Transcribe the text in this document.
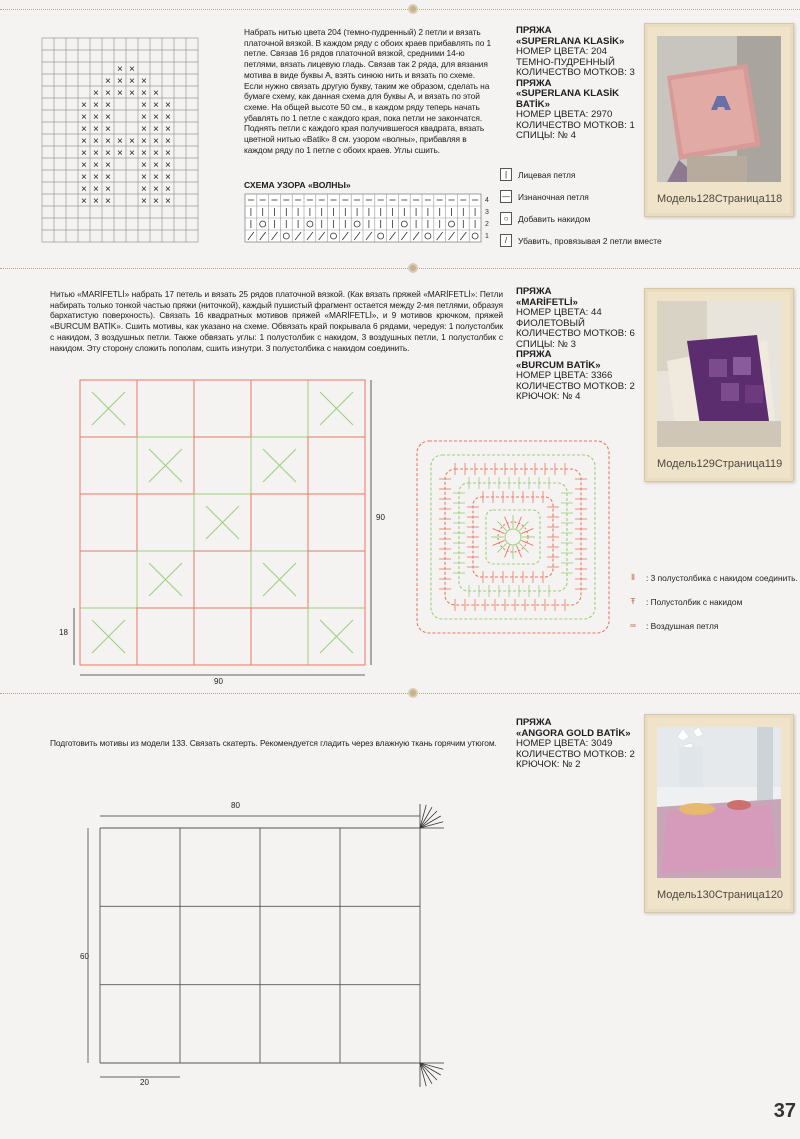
× ×
× × × ×
× × × × × ×
× × ×	× × ×
× × ×	× × ×
× × ×	× × ×
× × × × × × × ×
× × × × × × × ×
× × ×	× × ×
× × ×	× × ×
× × ×	× × ×
× × ×	× × ×
Набрать нитью цвета 204 (темно-пудренный) 2 петли и вязать платочной вязкой. В каждом ряду с обоих краев прибавлять по 1 петле. Связав 16 рядов платочной вязкой, средними 14-ю петлями, вязать лицевую гладь. Связав так 2 ряда, для вязания мотива в виде буквы А, взять синюю нить и вязать по схеме. Если нужно связать другую букву, таким же образом, сделать на бумаге схему, как данная схема для буквы А, и вязать по этой схеме. На общей высоте 50 см., в каждом ряду теперь начать убавлять по 1 петле с каждого края, пока петли не закончатся. Поднять петли с каждого края получившегося квадрата, вязать цветной нитью «Batik» 8 см. узором «волны», прибавляя в каждом ряду по 1 петле с обоих краев. Углы сшить.
СХЕМА УЗОРА «ВОЛНЫ»
4
3
2
1
|	Лицевая петля
— Изнаночная петля
○	Добавить накидом
/	Убавить, провязывая 2 петли вместе
ПРЯЖА
«SUPERLANA KLASİK»
НОМЕР ЦВЕТА: 204
ТЕМНО-ПУДРЕННЫЙ
КОЛИЧЕСТВО МОТКОВ: 3
ПРЯЖА
«SUPERLANA KLASİK BATİK»
НОМЕР ЦВЕТА: 2970
КОЛИЧЕСТВО МОТКОВ: 1
СПИЦЫ: № 4
Модель128 Страница118
Нитью «MARİFETLİ» набрать 17 петель и вязать 25 рядов платочной вязкой. (Как вязать пряжей «MARİFETLİ»: Петли набирать только тонкой частью пряжи (ниточкой), каждый пушистый фрагмент остается между 2-мя петлями, образуя бархатистую поверхность). Связать 16 квадратных мотивов пряжей «MARİFETLİ», и 9 мотивов крючком, пряжей «BURCUM BATİK». Сшить мотивы, как указано на схеме. Обвязать край покрывала 6 рядами, чередуя: 1 полустолбик с накидом, 3 воздушных петли. Также обвязать углы: 1 полустолбик с накидом, 3 воздушных петли, 1 полустолбик с накидом. Эту сторону сложить пополам, сшить изнутри. 3 полустолбика с накидом соединить.
90
90
18
⦀	: 3 полустолбика с накидом соединить.
Ŧ	: Полустолбик с накидом
∞	: Воздушная петля
ПРЯЖА
«MARİFETLİ»
НОМЕР ЦВЕТА: 44
ФИОЛЕТОВЫЙ
КОЛИЧЕСТВО МОТКОВ: 6
СПИЦЫ: № 3
ПРЯЖА
«BURCUM BATİK»
НОМЕР ЦВЕТА: 3366
КОЛИЧЕСТВО МОТКОВ: 2
КРЮЧОК: № 4
Модель129 Страница119
Подготовить мотивы из модели 133. Связать скатерть. Рекомендуется гладить через влажную ткань горячим утюгом.
80
60
20
ПРЯЖА
«ANGORA GOLD BATİK»
НОМЕР ЦВЕТА: 3049
КОЛИЧЕСТВО МОТКОВ: 2
КРЮЧОК: № 2
Модель130 Страница120
37
